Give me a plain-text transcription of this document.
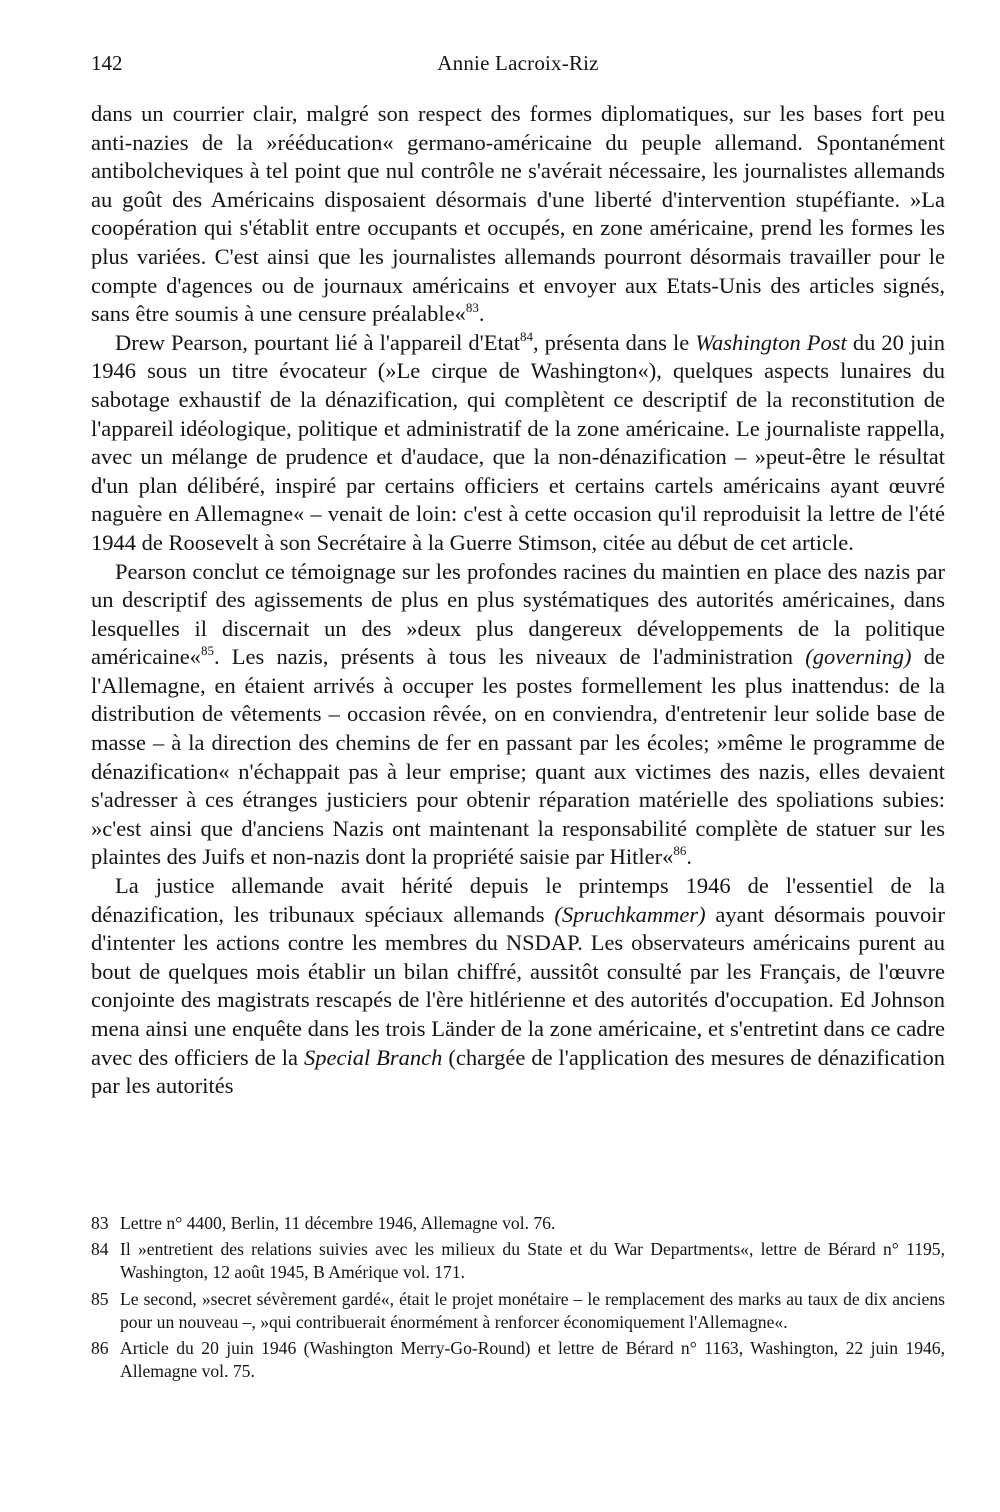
142	Annie Lacroix-Riz

dans un courrier clair, malgré son respect des formes diplomatiques, sur les bases fort peu anti-nazies de la »rééducation« germano-américaine du peuple allemand. Spontanément antibolcheviques à tel point que nul contrôle ne s'avérait nécessaire, les journalistes allemands au goût des Américains disposaient désormais d'une liberté d'intervention stupéfiante. »La coopération qui s'établit entre occupants et occupés, en zone américaine, prend les formes les plus variées. C'est ainsi que les journalistes allemands pourront désormais travailler pour le compte d'agences ou de journaux américains et envoyer aux Etats-Unis des articles signés, sans être soumis à une censure préalable«$^{83}$.

Drew Pearson, pourtant lié à l'appareil d'Etat$^{84}$, présenta dans le Washington Post du 20 juin 1946 sous un titre évocateur (»Le cirque de Washington«), quelques aspects lunaires du sabotage exhaustif de la dénazification, qui complètent ce descriptif de la reconstitution de l'appareil idéologique, politique et administratif de la zone américaine. Le journaliste rappella, avec un mélange de prudence et d'audace, que la non-dénazification – »peut-être le résultat d'un plan délibéré, inspiré par certains officiers et certains cartels américains ayant œuvré naguère en Allemagne« – venait de loin: c'est à cette occasion qu'il reproduisit la lettre de l'été 1944 de Roosevelt à son Secrétaire à la Guerre Stimson, citée au début de cet article.

Pearson conclut ce témoignage sur les profondes racines du maintien en place des nazis par un descriptif des agissements de plus en plus systématiques des autorités américaines, dans lesquelles il discernait un des »deux plus dangereux développements de la politique américaine«$^{85}$. Les nazis, présents à tous les niveaux de l'administration (governing) de l'Allemagne, en étaient arrivés à occuper les postes formellement les plus inattendus: de la distribution de vêtements – occasion rêvée, on en conviendra, d'entretenir leur solide base de masse – à la direction des chemins de fer en passant par les écoles; »même le programme de dénazification« n'échappait pas à leur emprise; quant aux victimes des nazis, elles devaient s'adresser à ces étranges justiciers pour obtenir réparation matérielle des spoliations subies: »c'est ainsi que d'anciens Nazis ont maintenant la responsabilité complète de statuer sur les plaintes des Juifs et non-nazis dont la propriété saisie par Hitler«$^{86}$.

La justice allemande avait hérité depuis le printemps 1946 de l'essentiel de la dénazification, les tribunaux spéciaux allemands (Spruchkammer) ayant désormais pouvoir d'intenter les actions contre les membres du NSDAP. Les observateurs américains purent au bout de quelques mois établir un bilan chiffré, aussitôt consulté par les Français, de l'œuvre conjointe des magistrats rescapés de l'ère hitlérienne et des autorités d'occupation. Ed Johnson mena ainsi une enquête dans les trois Länder de la zone américaine, et s'entretint dans ce cadre avec des officiers de la Special Branch (chargée de l'application des mesures de dénazification par les autorités

83 Lettre n° 4400, Berlin, 11 décembre 1946, Allemagne vol. 76.
84 Il »entretient des relations suivies avec les milieux du State et du War Departments«, lettre de Bérard n° 1195, Washington, 12 août 1945, B Amérique vol. 171.
85 Le second, »secret sévèrement gardé«, était le projet monétaire – le remplacement des marks au taux de dix anciens pour un nouveau –, »qui contribuerait énormément à renforcer économiquement l'Allemagne«.
86 Article du 20 juin 1946 (Washington Merry-Go-Round) et lettre de Bérard n° 1163, Washington, 22 juin 1946, Allemagne vol. 75.
